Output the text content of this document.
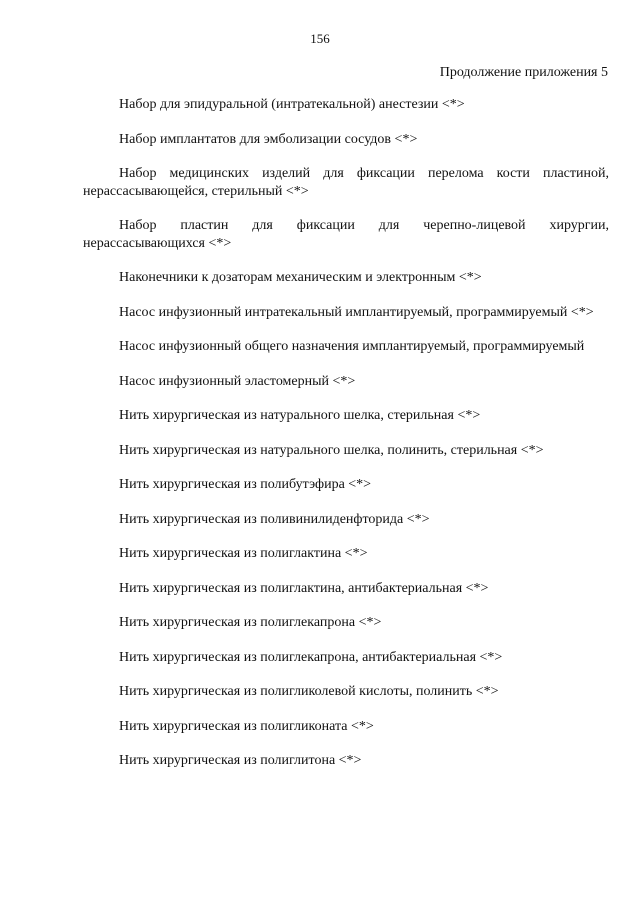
156
Продолжение приложения 5

Набор для эпидуральной (интратекальной) анестезии <*>

Набор имплантатов для эмболизации сосудов <*>

Набор медицинских изделий для фиксации перелома кости пластиной, нерассасывающейся, стерильный <*>

Набор пластин для фиксации для черепно-лицевой хирургии, нерассасывающихся <*>

Наконечники к дозаторам механическим и электронным <*>

Насос инфузионный интратекальный имплантируемый, программируемый <*>

Насос инфузионный общего назначения имплантируемый, программируемый

Насос инфузионный эластомерный <*>

Нить хирургическая из натурального шелка, стерильная <*>

Нить хирургическая из натурального шелка, полинить, стерильная <*>

Нить хирургическая из полибутэфира <*>

Нить хирургическая из поливинилиденфторида <*>

Нить хирургическая из полиглактина <*>

Нить хирургическая из полиглактина, антибактериальная <*>

Нить хирургическая из полиглекапрона <*>

Нить хирургическая из полиглекапрона, антибактериальная <*>

Нить хирургическая из полигликолевой кислоты, полинить <*>

Нить хирургическая из полигликоната <*>

Нить хирургическая из полиглитона <*>
